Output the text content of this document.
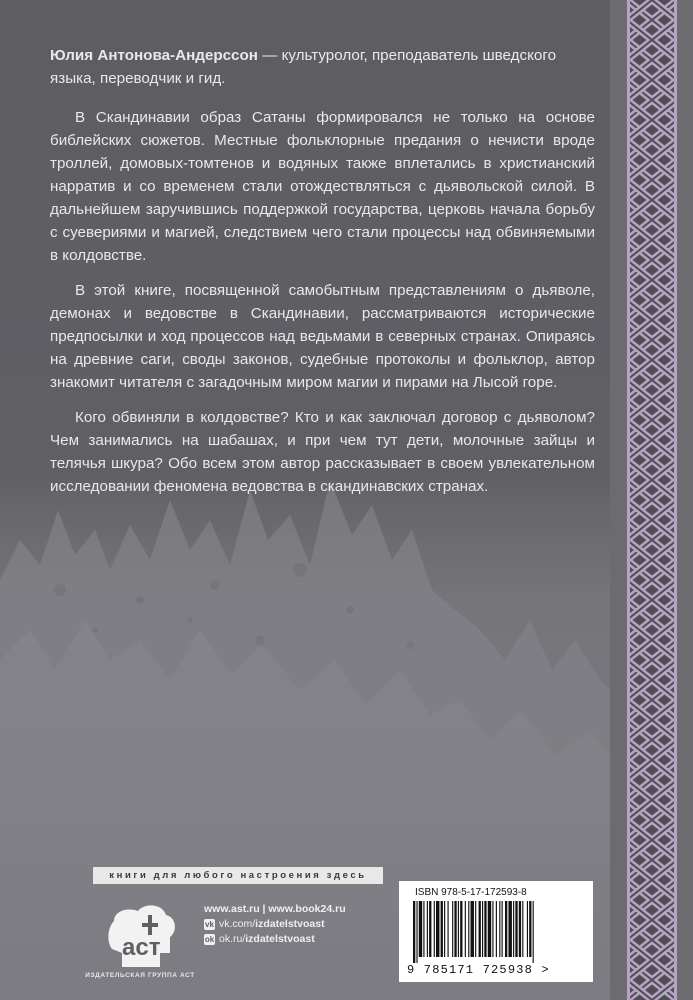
Юлия Антонова-Андерссон — культуролог, преподаватель шведского языка, переводчик и гид.

В Скандинавии образ Сатаны формировался не только на основе библейских сюжетов. Местные фольклорные предания о нечисти вроде троллей, домовых-томтенов и водяных также вплетались в христианский нарратив и со временем стали отождествляться с дьявольской силой. В дальнейшем заручившись поддержкой государства, церковь начала борьбу с суевериями и магией, следствием чего стали процессы над обвиняемыми в колдовстве.

В этой книге, посвященной самобытным представлениям о дьяволе, демонах и ведовстве в Скандинавии, рассматриваются исторические предпосылки и ход процессов над ведьмами в северных странах. Опираясь на древние саги, своды законов, судебные протоколы и фольклор, автор знакомит читателя с загадочным миром магии и пирами на Лысой горе.

Кого обвиняли в колдовстве? Кто и как заключал договор с дьяволом? Чем занимались на шабашах, и при чем тут дети, молочные зайцы и телячья шкура? Обо всем этом автор рассказывает в своем увлекательном исследовании феномена ведовства в скандинавских странах.

книги для любого настроения здесь
аст
ИЗДАТЕЛЬСКАЯ ГРУППА АСТ
www.ast.ru | www.book24.ru
vk vk.com/izdatelstvoast
ok ok.ru/izdatelstvoast
ISBN 978-5-17-172593-8
9 785171 725938 >
